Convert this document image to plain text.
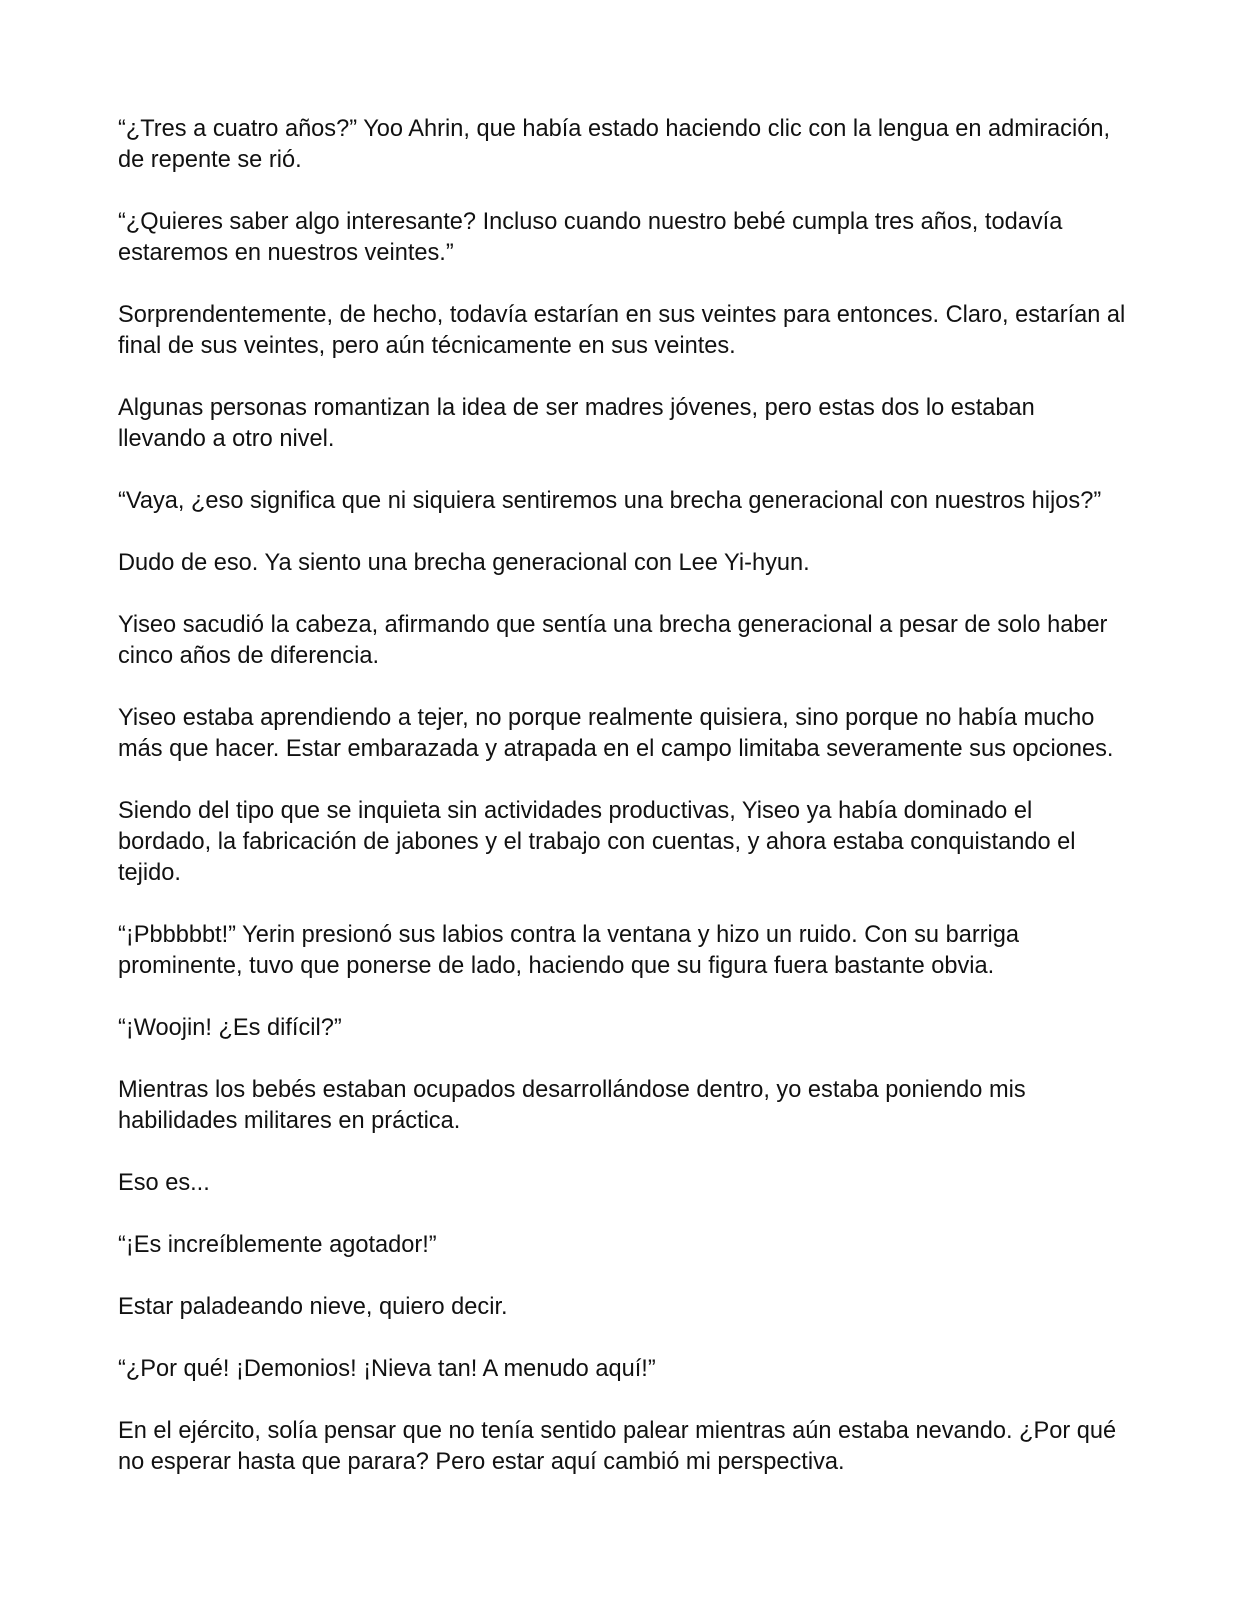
“¿Tres a cuatro años?” Yoo Ahrin, que había estado haciendo clic con la lengua en admiración, de repente se rió.

“¿Quieres saber algo interesante? Incluso cuando nuestro bebé cumpla tres años, todavía estaremos en nuestros veintes.”

Sorprendentemente, de hecho, todavía estarían en sus veintes para entonces. Claro, estarían al final de sus veintes, pero aún técnicamente en sus veintes.

Algunas personas romantizan la idea de ser madres jóvenes, pero estas dos lo estaban llevando a otro nivel.

“Vaya, ¿eso significa que ni siquiera sentiremos una brecha generacional con nuestros hijos?”

Dudo de eso. Ya siento una brecha generacional con Lee Yi-hyun.

Yiseo sacudió la cabeza, afirmando que sentía una brecha generacional a pesar de solo haber cinco años de diferencia.

Yiseo estaba aprendiendo a tejer, no porque realmente quisiera, sino porque no había mucho más que hacer. Estar embarazada y atrapada en el campo limitaba severamente sus opciones.

Siendo del tipo que se inquieta sin actividades productivas, Yiseo ya había dominado el bordado, la fabricación de jabones y el trabajo con cuentas, y ahora estaba conquistando el tejido.

“¡Pbbbbbt!” Yerin presionó sus labios contra la ventana y hizo un ruido. Con su barriga prominente, tuvo que ponerse de lado, haciendo que su figura fuera bastante obvia.

“¡Woojin! ¿Es difícil?”

Mientras los bebés estaban ocupados desarrollándose dentro, yo estaba poniendo mis habilidades militares en práctica.

Eso es...

“¡Es increíblemente agotador!”

Estar paladeando nieve, quiero decir.

“¿Por qué! ¡Demonios! ¡Nieva tan! A menudo aquí!”

En el ejército, solía pensar que no tenía sentido palear mientras aún estaba nevando. ¿Por qué no esperar hasta que parara? Pero estar aquí cambió mi perspectiva.
